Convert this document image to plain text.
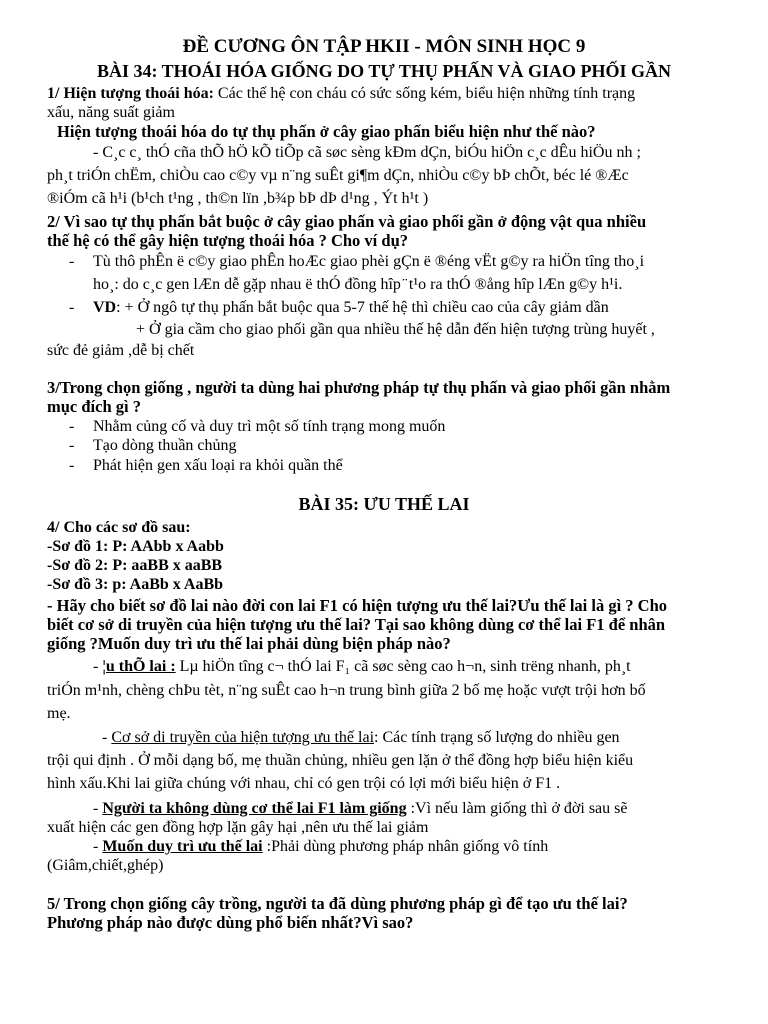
ĐỀ CƯƠNG ÔN TẬP HKII - MÔN SINH HỌC 9
BÀI 34: THOÁI HÓA GIỐNG DO TỰ THỤ PHẤN VÀ GIAO PHỐI GẦN
1/ Hiện tượng thoái hóa: Các thế hệ con cháu có sức sống kém, biểu hiện những tính trạng
xấu, năng suất giảm
Hiện tượng thoái hóa do tự thụ phấn ở cây giao phấn biểu hiện như thế nào?
- C¸c c¸ thÓ cña thÕ hÖ kÕ tiÕp cã søc sèng kÐm dÇn, biÓu hiÖn c¸c dÊu hiÖu nh ;
ph¸t triÓn chËm, chiÒu cao c©y vµ n¨ng suÊt gi¶m dÇn, nhiÒu c©y bÞ chÕt, béc lé ®Æc
®iÓm cã h¹i (b¹ch t¹ng , th©n lïn ,b¾p bÞ dÞ d¹ng , Ýt h¹t )
2/ Vì sao tự thụ phấn bắt buộc ở cây giao phấn và giao phối gần ở động vật qua nhiều
thế hệ có thể gây hiện tượng thoái hóa ? Cho ví dụ?
- Tù thô phÊn ë c©y giao phÊn hoÆc giao phèi gÇn ë ®éng vËt g©y ra hiÖn tîng tho¸i
ho¸: do c¸c gen lÆn dễ gặp nhau ë thÓ đồng hîp ̈ t¹o ra thÓ ®ång hîp lÆn g©y h¹i.
- VD: + Ở ngô tự thụ phấn bắt buộc qua 5-7 thế hệ thì chiều cao của cây giảm dần
+ Ở gia cầm cho giao phối gần qua nhiều thế hệ dẫn đến hiện tượng trùng huyết ,
sức đẻ giảm ,dễ bị chết
3/Trong chọn giống , người ta dùng hai phương pháp tự thụ phấn và giao phối gần nhằm
mục đích gì ?
- Nhằm củng cố và duy trì một số tính trạng mong muốn
- Tạo dòng thuần chủng
- Phát hiện gen xấu loại ra khỏi quần thể
BÀI 35: ƯU THẾ LAI
4/ Cho các sơ đồ sau:
-Sơ đồ 1: P: AAbb x Aabb
-Sơ đồ 2: P: aaBB x aaBB
-Sơ đồ 3: p: AaBb x AaBb
- Hãy cho biết sơ đồ lai nào đời con lai F1 có hiện tượng ưu thế lai?Ưu thế lai là gì ? Cho
biết cơ sở di truyền của hiện tượng ưu thế lai? Tại sao không dùng cơ thể lai F1 để nhân
giống ?Muốn duy trì ưu thế lai phải dùng biện pháp nào?
- ¦u thÕ lai : Lµ hiÖn tîng c¬ thÓ lai F₁ cã søc sèng cao h¬n, sinh trëng nhanh, ph¸t
triÓn m¹nh, chèng chÞu tèt, n¨ng suÊt cao h¬n trung bình giữa 2 bố mẹ hoặc vượt trội hơn bố
mẹ.
- Cơ sở di truyền của hiện tượng ưu thế lai: Các tính trạng số lượng do nhiều gen
trội qui định . Ở mỗi dạng bố, mẹ thuần chủng, nhiều gen lặn ở thể đồng hợp biểu hiện kiểu
hình xấu.Khi lai giữa chúng với nhau, chỉ có gen trội có lợi mới biểu hiện ở F1 .
- Người ta không dùng cơ thể lai F1 làm giống :Vì nếu làm giống thì ở đời sau sẽ
xuất hiện các gen đồng hợp lặn gây hại ,nên ưu thế lai giảm
- Muốn duy trì ưu thế lai :Phải dùng phương pháp nhân giống vô tính
(Giâm,chiết,ghép)
5/ Trong chọn giống cây trồng, người ta đã dùng phương pháp gì để tạo ưu thế lai?
Phương pháp nào được dùng phổ biến nhất?Vì sao?
